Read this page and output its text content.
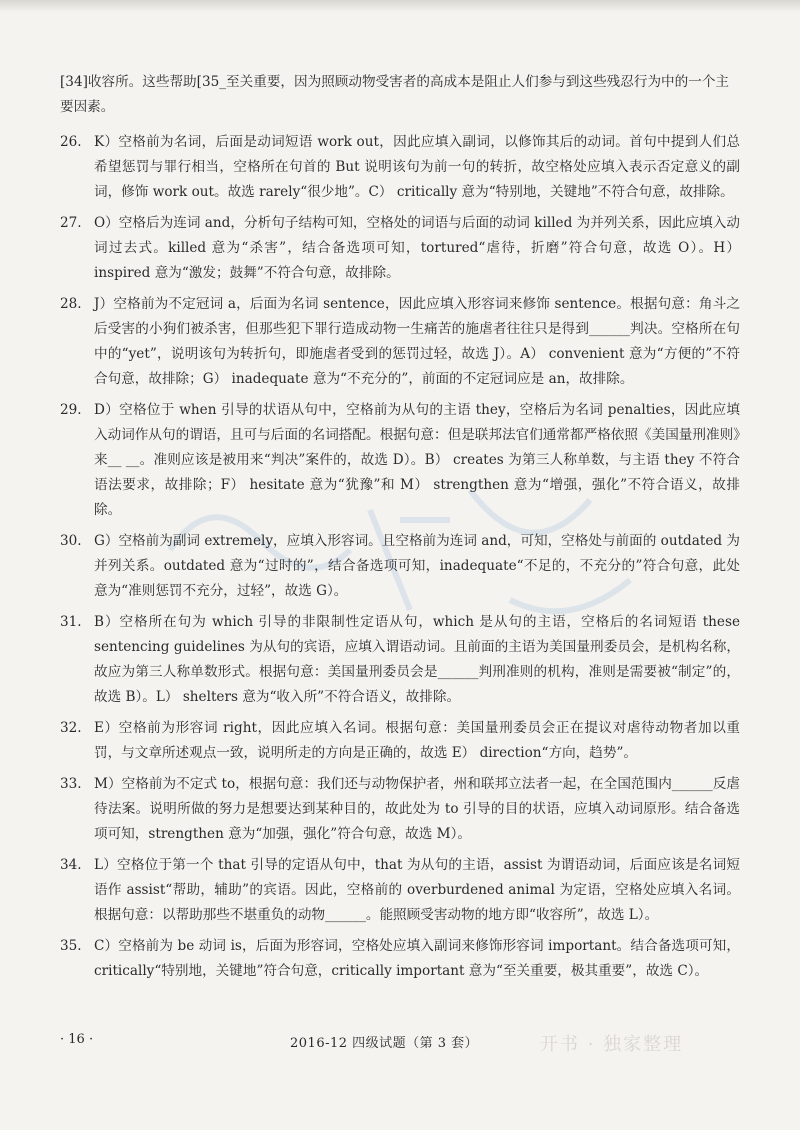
[34]收容所。这些帮助[35_至关重要，因为照顾动物受害者的高成本是阻止人们参与到这些残忍行为中的一个主要因素。

26. K）空格前为名词，后面是动词短语 work out，因此应填入副词，以修饰其后的动词。首句中提到人们总希望惩罚与罪行相当，空格所在句首的 But 说明该句为前一句的转折，故空格处应填入表示否定意义的副词，修饰 work out。故选 rarely“很少地”。C） critically 意为“特别地，关键地”不符合句意，故排除。
27. O）空格后为连词 and，分析句子结构可知，空格处的词语与后面的动词 killed 为并列关系，因此应填入动词过去式。killed 意为“杀害”，结合备选项可知，tortured“虐待，折磨”符合句意，故选 O）。H） inspired 意为“激发；鼓舞”不符合句意，故排除。
28. J）空格前为不定冠词 a，后面为名词 sentence，因此应填入形容词来修饰 sentence。根据句意：角斗之后受害的小狗们被杀害，但那些犯下罪行造成动物一生痛苦的施虐者往往只是得到______判决。空格所在句中的“yet”，说明该句为转折句，即施虐者受到的惩罚过轻，故选 J）。A） convenient 意为“方便的”不符合句意，故排除；G） inadequate 意为“不充分的”，前面的不定冠词应是 an，故排除。
29. D）空格位于 when 引导的状语从句中，空格前为从句的主语 they，空格后为名词 penalties，因此应填入动词作从句的谓语，且可与后面的名词搭配。根据句意：但是联邦法官们通常都严格依照《美国量刑准则》来__ __。准则应该是被用来“判决”案件的，故选 D）。B） creates 为第三人称单数，与主语 they 不符合语法要求，故排除；F） hesitate 意为“犹豫”和 M） strengthen 意为“增强，强化”不符合语义，故排除。
30. G）空格前为副词 extremely，应填入形容词。且空格前为连词 and，可知，空格处与前面的 outdated 为并列关系。outdated 意为“过时的”，结合备选项可知，inadequate“不足的，不充分的”符合句意，此处意为“准则惩罚不充分，过轻”，故选 G）。
31. B）空格所在句为 which 引导的非限制性定语从句，which 是从句的主语，空格后的名词短语 these sentencing guidelines 为从句的宾语，应填入谓语动词。且前面的主语为美国量刑委员会，是机构名称，故应为第三人称单数形式。根据句意：美国量刑委员会是______判刑准则的机构，准则是需要被“制定”的，故选 B）。L） shelters 意为“收入所”不符合语义，故排除。
32. E）空格前为形容词 right，因此应填入名词。根据句意：美国量刑委员会正在提议对虐待动物者加以重罚，与文章所述观点一致，说明所走的方向是正确的，故选 E） direction“方向，趋势”。
33. M）空格前为不定式 to，根据句意：我们还与动物保护者，州和联邦立法者一起，在全国范围内______反虐待法案。说明所做的努力是想要达到某种目的，故此处为 to 引导的目的状语，应填入动词原形。结合备选项可知，strengthen 意为“加强，强化”符合句意，故选 M）。
34. L）空格位于第一个 that 引导的定语从句中，that 为从句的主语，assist 为谓语动词，后面应该是名词短语作 assist“帮助，辅助”的宾语。因此，空格前的 overburdened animal 为定语，空格处应填入名词。根据句意：以帮助那些不堪重负的动物______。能照顾受害动物的地方即“收容所”，故选 L）。
35. C）空格前为 be 动词 is，后面为形容词，空格处应填入副词来修饰形容词 important。结合备选项可知，critically“特别地，关键地”符合句意，critically important 意为“至关重要，极其重要”，故选 C）。
· 16 ·	2016-12 四级试题（第 3 套）	开书 · 独家整理
